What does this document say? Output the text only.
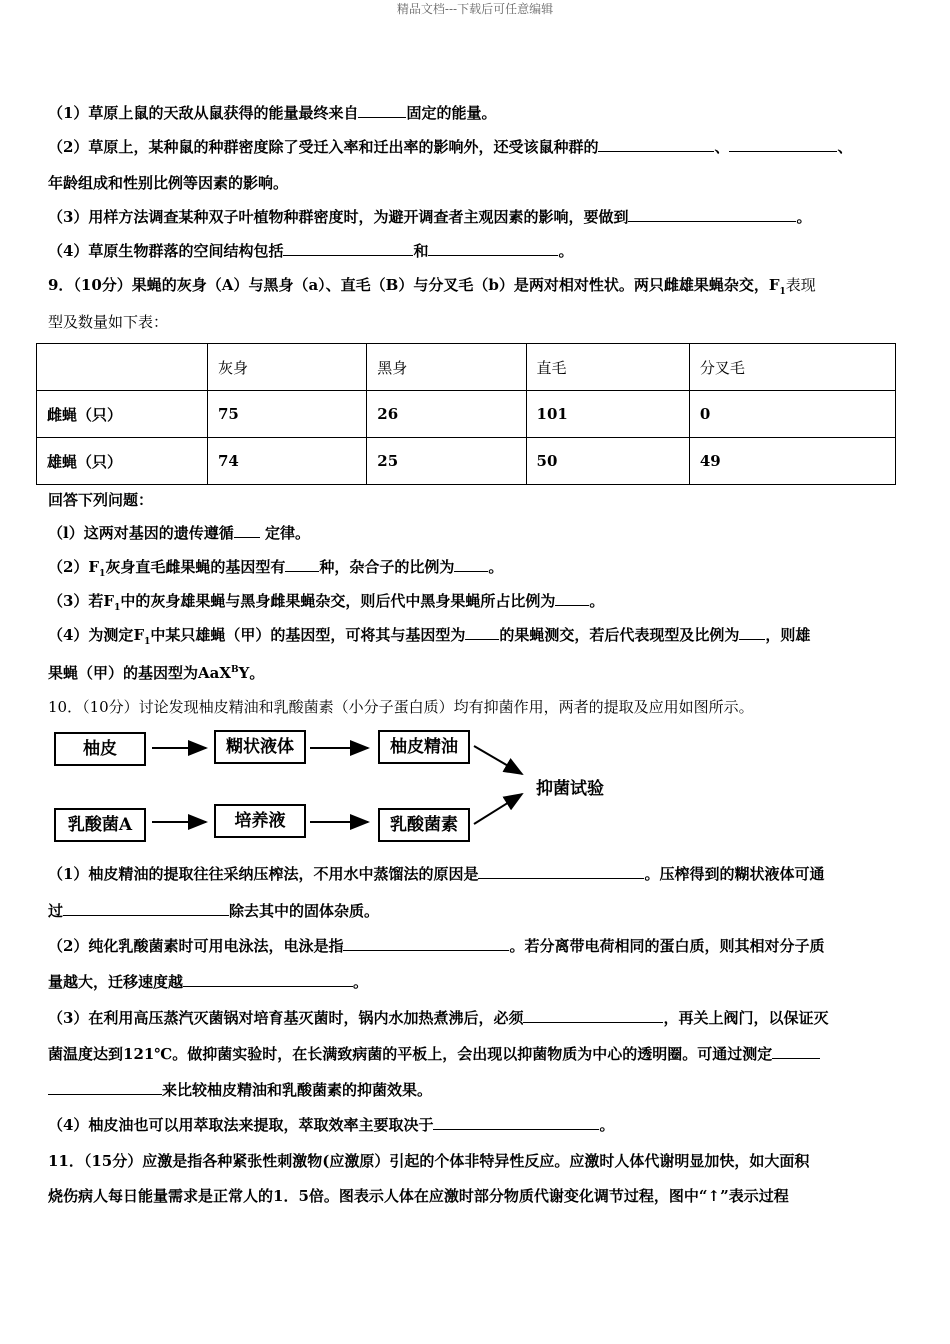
精品文档---下载后可任意编辑
（1）草原上鼠的天敌从鼠获得的能量最终来自	固定的能量。
（2）草原上，某种鼠的种群密度除了受迁入率和迁出率的影响外，还受该鼠种群的	、	、
年龄组成和性别比例等因素的影响。
（3）用样方法调查某种双子叶植物种群密度时，为避开调查者主观因素的影响，要做到	。
（4）草原生物群落的空间结构包括	和	。
9．（10分）果蝇的灰身（A）与黑身（a）、直毛（B）与分叉毛（b）是两对相对性状。两只雌雄果蝇杂交，$F_1$表现
型及数量如下表：
	灰身	黑身	直毛	分叉毛
雌蝇（只）	75	26	101	0
雄蝇（只）	74	25	50	49
回答下列问题：
（l）这两对基因的遗传遵循 定律。
$(2)F_1$灰身直毛雌果蝇的基因型有 种，杂合子的比例为 。
（3）若$F_1$中的灰身雄果蝇与黑身雌果蝇杂交，则后代中黑身果蝇所占比例为 。
（4）为测定$F_1$中某只雄蝇（甲）的基因型，可将其与基因型为 的果蝇测交，若后代表现型及比例为 ，则雄
果蝇（甲）的基因型为AaX$^B$Y。
10．（10分）讨论发现柚皮精油和乳酸菌素（小分子蛋白质）均有抑菌作用，两者的提取及应用如图所示。
柚皮	糊状液体	柚皮精油
乳酸菌A	培养液	乳酸菌素
抑菌试验
（1）柚皮精油的提取往往采纳压榨法，不用水中蒸馏法的原因是	。压榨得到的糊状液体可通
过	除去其中的固体杂质。
（2）纯化乳酸菌素时可用电泳法，电泳是指	。若分离带电荷相同的蛋白质，则其相对分子质
量越大，迁移速度越	。
（3）在利用高压蒸汽灭菌锅对培育基灭菌时，锅内水加热煮沸后，必须	，再关上阀门，以保证灭
菌温度达到121℃。做抑菌实验时，在长满致病菌的平板上，会出现以抑菌物质为中心的透明圈。可通过测定
来比较柚皮精油和乳酸菌素的抑菌效果。
（4）柚皮油也可以用萃取法来提取，萃取效率主要取决于	。
11．（15分）应激是指各种紧张性刺激物(应激原）引起的个体非特异性反应。应激时人体代谢明显加快，如大面积
烧伤病人每日能量需求是正常人的1．5倍。图表示人体在应激时部分物质代谢变化调节过程，图中“↑”表示过程
